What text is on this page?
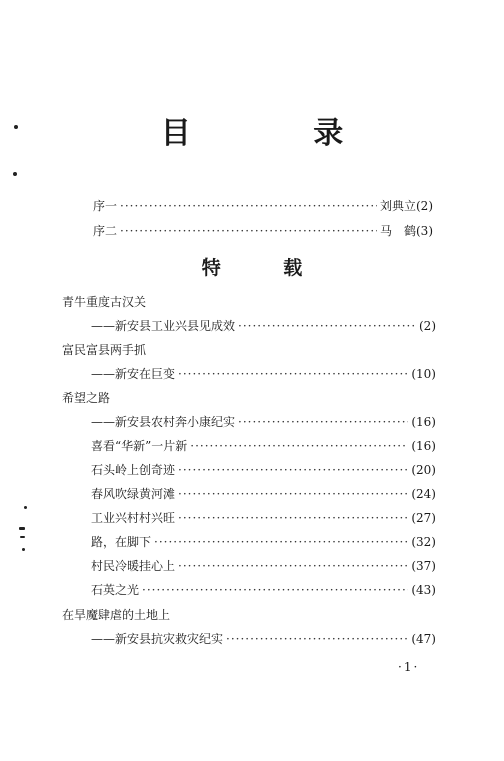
目 录
序一 ·····	刘典立(2)
序二 ·····	马　鹤(3)
特 载
青牛重度古汉关
——新安县工业兴县见成效 ·····	(2)
富民富县两手抓
——新安在巨变 ·····	(10)
希望之路
——新安县农村奔小康纪实 ·····	(16)
喜看“华新”一片新 ·····	(16)
石头岭上创奇迹 ·····	(20)
春风吹绿黄河滩 ·····	(24)
工业兴村村兴旺 ·····	(27)
路，在脚下 ·····	(32)
村民冷暖挂心上 ·····	(37)
石英之光 ·····	(43)
在旱魔肆虐的土地上
——新安县抗灾救灾纪实 ·····	(47)
·1·
